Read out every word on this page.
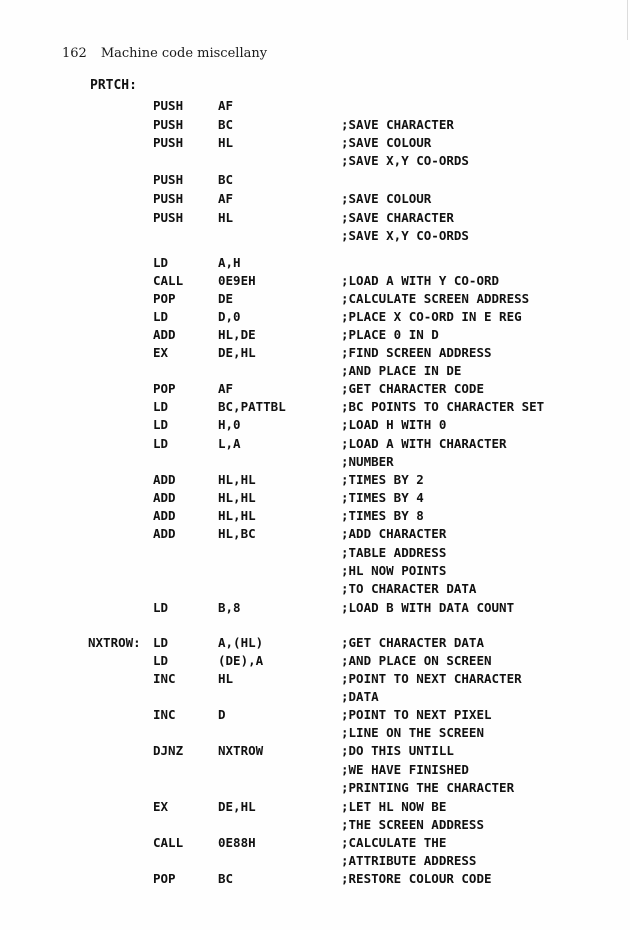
162 Machine code miscellany
PRTCH:
PUSH	AF
PUSH	BC	;SAVE CHARACTER
PUSH	HL	;SAVE COLOUR
;SAVE X,Y CO-ORDS
PUSH	BC
PUSH	AF	;SAVE COLOUR
PUSH	HL	;SAVE CHARACTER
;SAVE X,Y CO-ORDS
LD	A,H
CALL	0E9EH	;LOAD A WITH Y CO-ORD
POP	DE	;CALCULATE SCREEN ADDRESS
LD	D,0	;PLACE X CO-ORD IN E REG
ADD	HL,DE	;PLACE 0 IN D
EX	DE,HL	;FIND SCREEN ADDRESS
;AND PLACE IN DE
POP	AF	;GET CHARACTER CODE
LD	BC,PATTBL	;BC POINTS TO CHARACTER SET
LD	H,0	;LOAD H WITH 0
LD	L,A	;LOAD A WITH CHARACTER
;NUMBER
ADD	HL,HL	;TIMES BY 2
ADD	HL,HL	;TIMES BY 4
ADD	HL,HL	;TIMES BY 8
ADD	HL,BC	;ADD CHARACTER
;TABLE ADDRESS
;HL NOW POINTS
;TO CHARACTER DATA
LD	B,8	;LOAD B WITH DATA COUNT
NXTROW: LD	A,(HL)	;GET CHARACTER DATA
LD	(DE),A	;AND PLACE ON SCREEN
INC	HL	;POINT TO NEXT CHARACTER
;DATA
INC	D	;POINT TO NEXT PIXEL
;LINE ON THE SCREEN
DJNZ	NXTROW	;DO THIS UNTILL
;WE HAVE FINISHED
;PRINTING THE CHARACTER
EX	DE,HL	;LET HL NOW BE
;THE SCREEN ADDRESS
CALL	0E88H	;CALCULATE THE
;ATTRIBUTE ADDRESS
POP	BC	;RESTORE COLOUR CODE
